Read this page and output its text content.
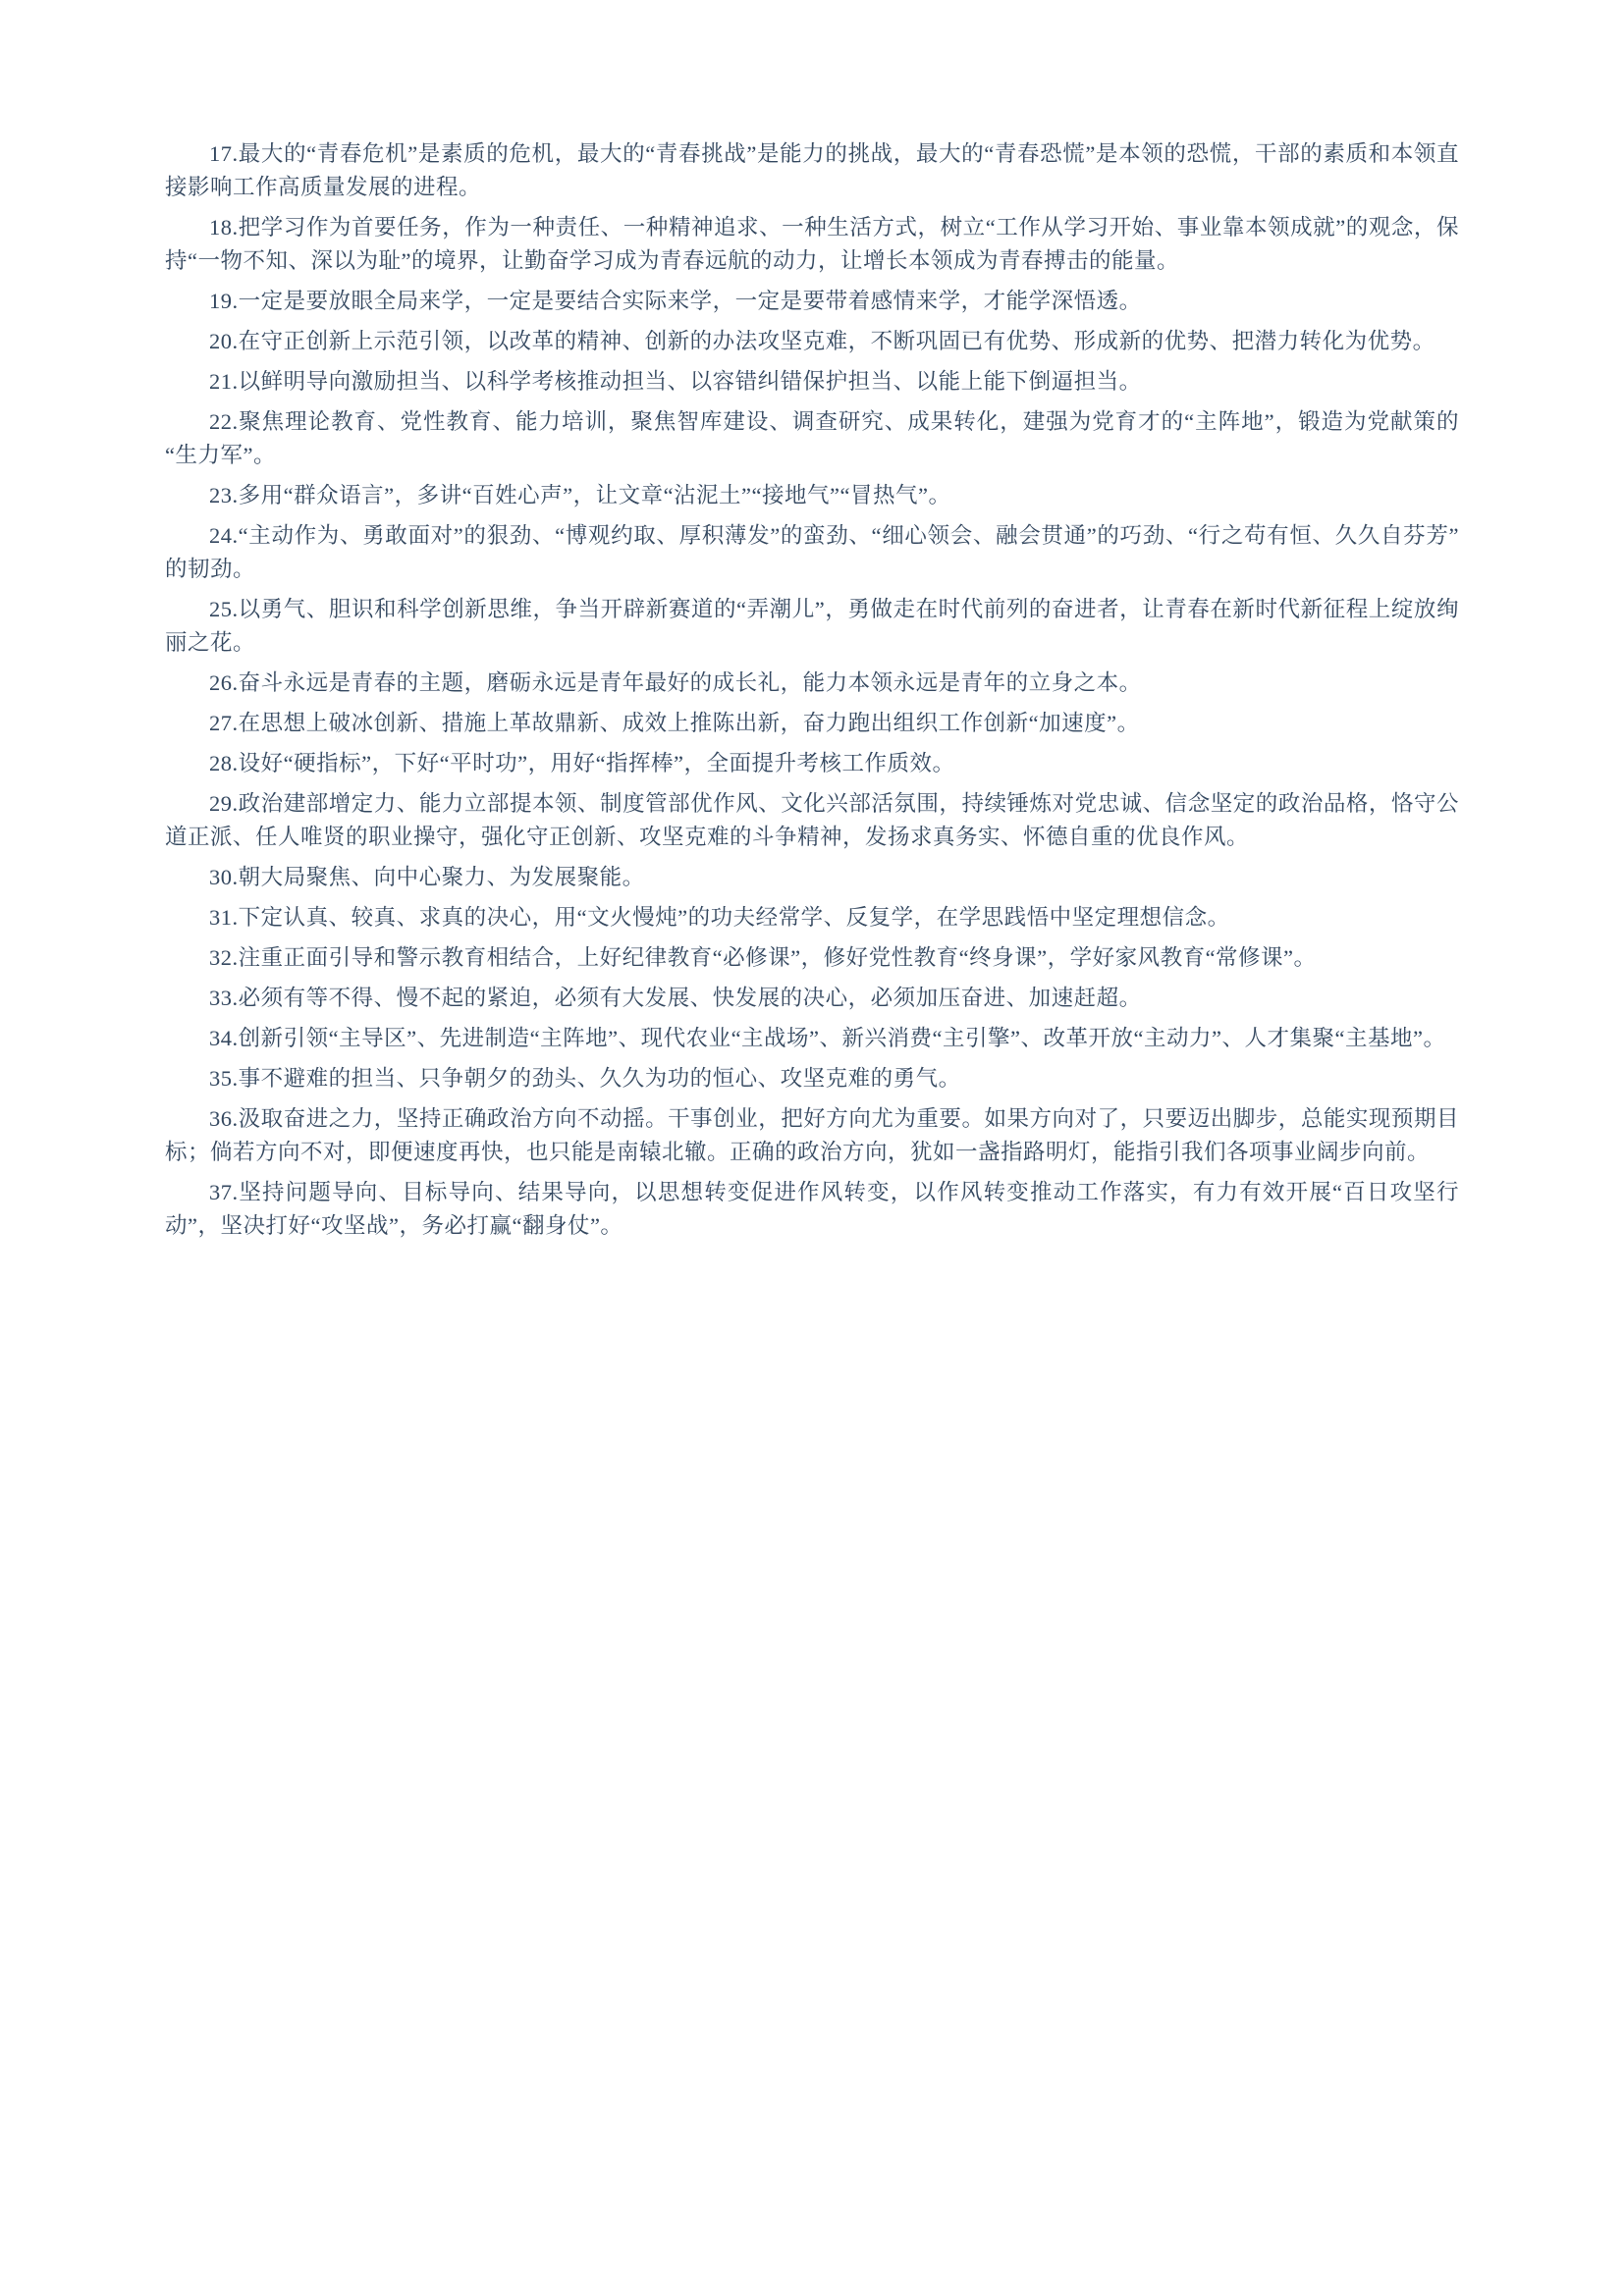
17.最大的“青春危机”是素质的危机，最大的“青春挑战”是能力的挑战，最大的“青春恐慌”是本领的恐慌，干部的素质和本领直接影响工作高质量发展的进程。

18.把学习作为首要任务，作为一种责任、一种精神追求、一种生活方式，树立“工作从学习开始、事业靠本领成就”的观念，保持“一物不知、深以为耻”的境界，让勤奋学习成为青春远航的动力，让增长本领成为青春搏击的能量。

19.一定是要放眼全局来学，一定是要结合实际来学，一定是要带着感情来学，才能学深悟透。

20.在守正创新上示范引领，以改革的精神、创新的办法攻坚克难，不断巩固已有优势、形成新的优势、把潜力转化为优势。

21.以鲜明导向激励担当、以科学考核推动担当、以容错纠错保护担当、以能上能下倒逼担当。

22.聚焦理论教育、党性教育、能力培训，聚焦智库建设、调查研究、成果转化，建强为党育才的“主阵地”，锻造为党献策的“生力军”。

23.多用“群众语言”，多讲“百姓心声”，让文章“沾泥土”“接地气”“冒热气”。

24.“主动作为、勇敢面对”的狠劲、“博观约取、厚积薄发”的蛮劲、“细心领会、融会贯通”的巧劲、“行之苟有恒、久久自芬芳”的韧劲。

25.以勇气、胆识和科学创新思维，争当开辟新赛道的“弄潮儿”，勇做走在时代前列的奋进者，让青春在新时代新征程上绽放绚丽之花。

26.奋斗永远是青春的主题，磨砺永远是青年最好的成长礼，能力本领永远是青年的立身之本。

27.在思想上破冰创新、措施上革故鼎新、成效上推陈出新，奋力跑出组织工作创新“加速度”。

28.设好“硬指标”，下好“平时功”，用好“指挥棒”，全面提升考核工作质效。

29.政治建部增定力、能力立部提本领、制度管部优作风、文化兴部活氛围，持续锤炼对党忠诚、信念坚定的政治品格，恪守公道正派、任人唯贤的职业操守，强化守正创新、攻坚克难的斗争精神，发扬求真务实、怀德自重的优良作风。

30.朝大局聚焦、向中心聚力、为发展聚能。

31.下定认真、较真、求真的决心，用“文火慢炖”的功夫经常学、反复学，在学思践悟中坚定理想信念。

32.注重正面引导和警示教育相结合，上好纪律教育“必修课”，修好党性教育“终身课”，学好家风教育“常修课”。

33.必须有等不得、慢不起的紧迫，必须有大发展、快发展的决心，必须加压奋进、加速赶超。

34.创新引领“主导区”、先进制造“主阵地”、现代农业“主战场”、新兴消费“主引擎”、改革开放“主动力”、人才集聚“主基地”。

35.事不避难的担当、只争朝夕的劲头、久久为功的恒心、攻坚克难的勇气。

36.汲取奋进之力，坚持正确政治方向不动摇。干事创业，把好方向尤为重要。如果方向对了，只要迈出脚步，总能实现预期目标；倘若方向不对，即便速度再快，也只能是南辕北辙。正确的政治方向，犹如一盏指路明灯，能指引我们各项事业阔步向前。

37.坚持问题导向、目标导向、结果导向，以思想转变促进作风转变，以作风转变推动工作落实，有力有效开展“百日攻坚行动”，坚决打好“攻坚战”，务必打赢“翻身仗”。
